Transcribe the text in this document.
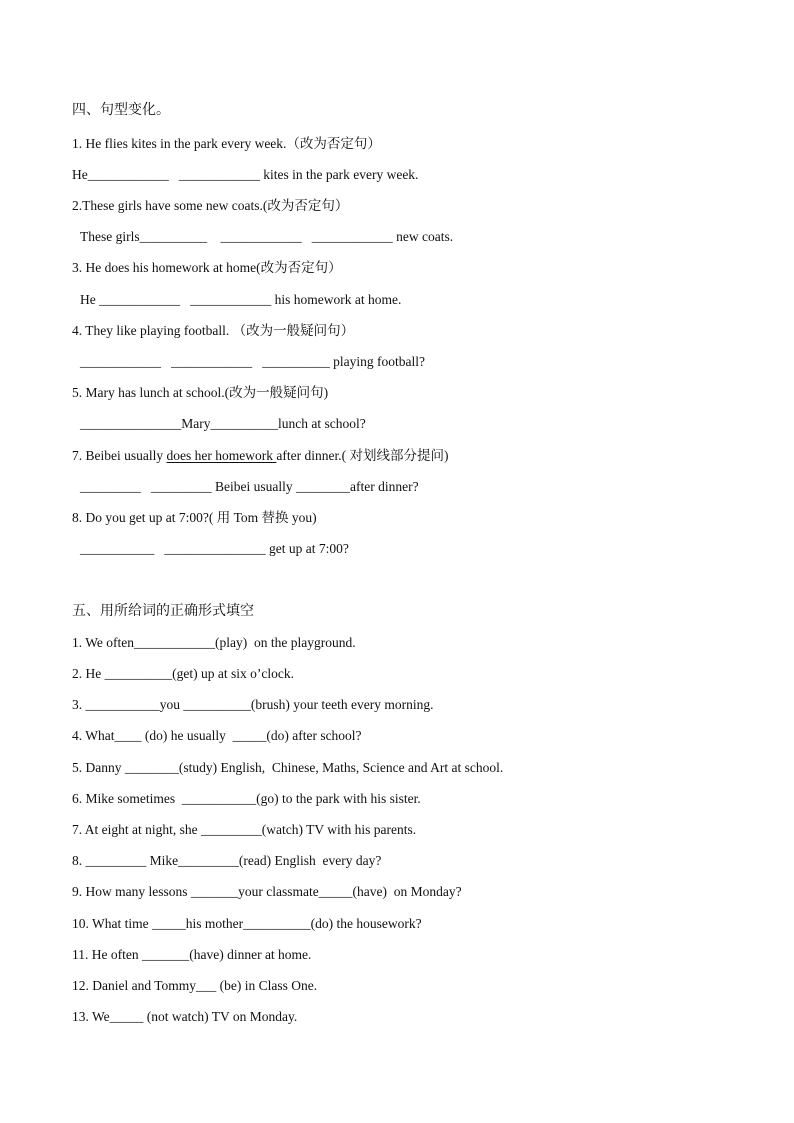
四、句型变化。
1. He flies kites in the park every week.（改为否定句）
He____________   ____________ kites in the park every week.
2.These girls have some new coats.(改为否定句）
These girls__________    ____________   ____________ new coats.
3. He does his homework at home(改为否定句）
He ____________   ____________ his homework at home.
4. They like playing football. （改为一般疑问句）
____________   ____________   __________ playing football?
5. Mary has lunch at school.(改为一般疑问句)
_______________Mary__________lunch at school?
7. Beibei usually does her homework after dinner.( 对划线部分提问)
_________   _________ Beibei usually ________after dinner?
8. Do you get up at 7:00?( 用 Tom 替换 you)
___________   _______________ get up at 7:00?
五、用所给词的正确形式填空
1. We often____________(play)  on the playground.
2. He __________(get) up at six o’clock.
3. ___________you __________(brush) your teeth every morning.
4. What____ (do) he usually  _____(do) after school?
5. Danny ________(study) English,  Chinese, Maths, Science and Art at school.
6. Mike sometimes  ___________(go) to the park with his sister.
7. At eight at night, she _________(watch) TV with his parents.
8. _________ Mike_________(read) English  every day?
9. How many lessons _______your classmate_____(have)  on Monday?
10. What time _____his mother__________(do) the housework?
11. He often _______(have) dinner at home.
12. Daniel and Tommy___ (be) in Class One.
13. We_____ (not watch) TV on Monday.
